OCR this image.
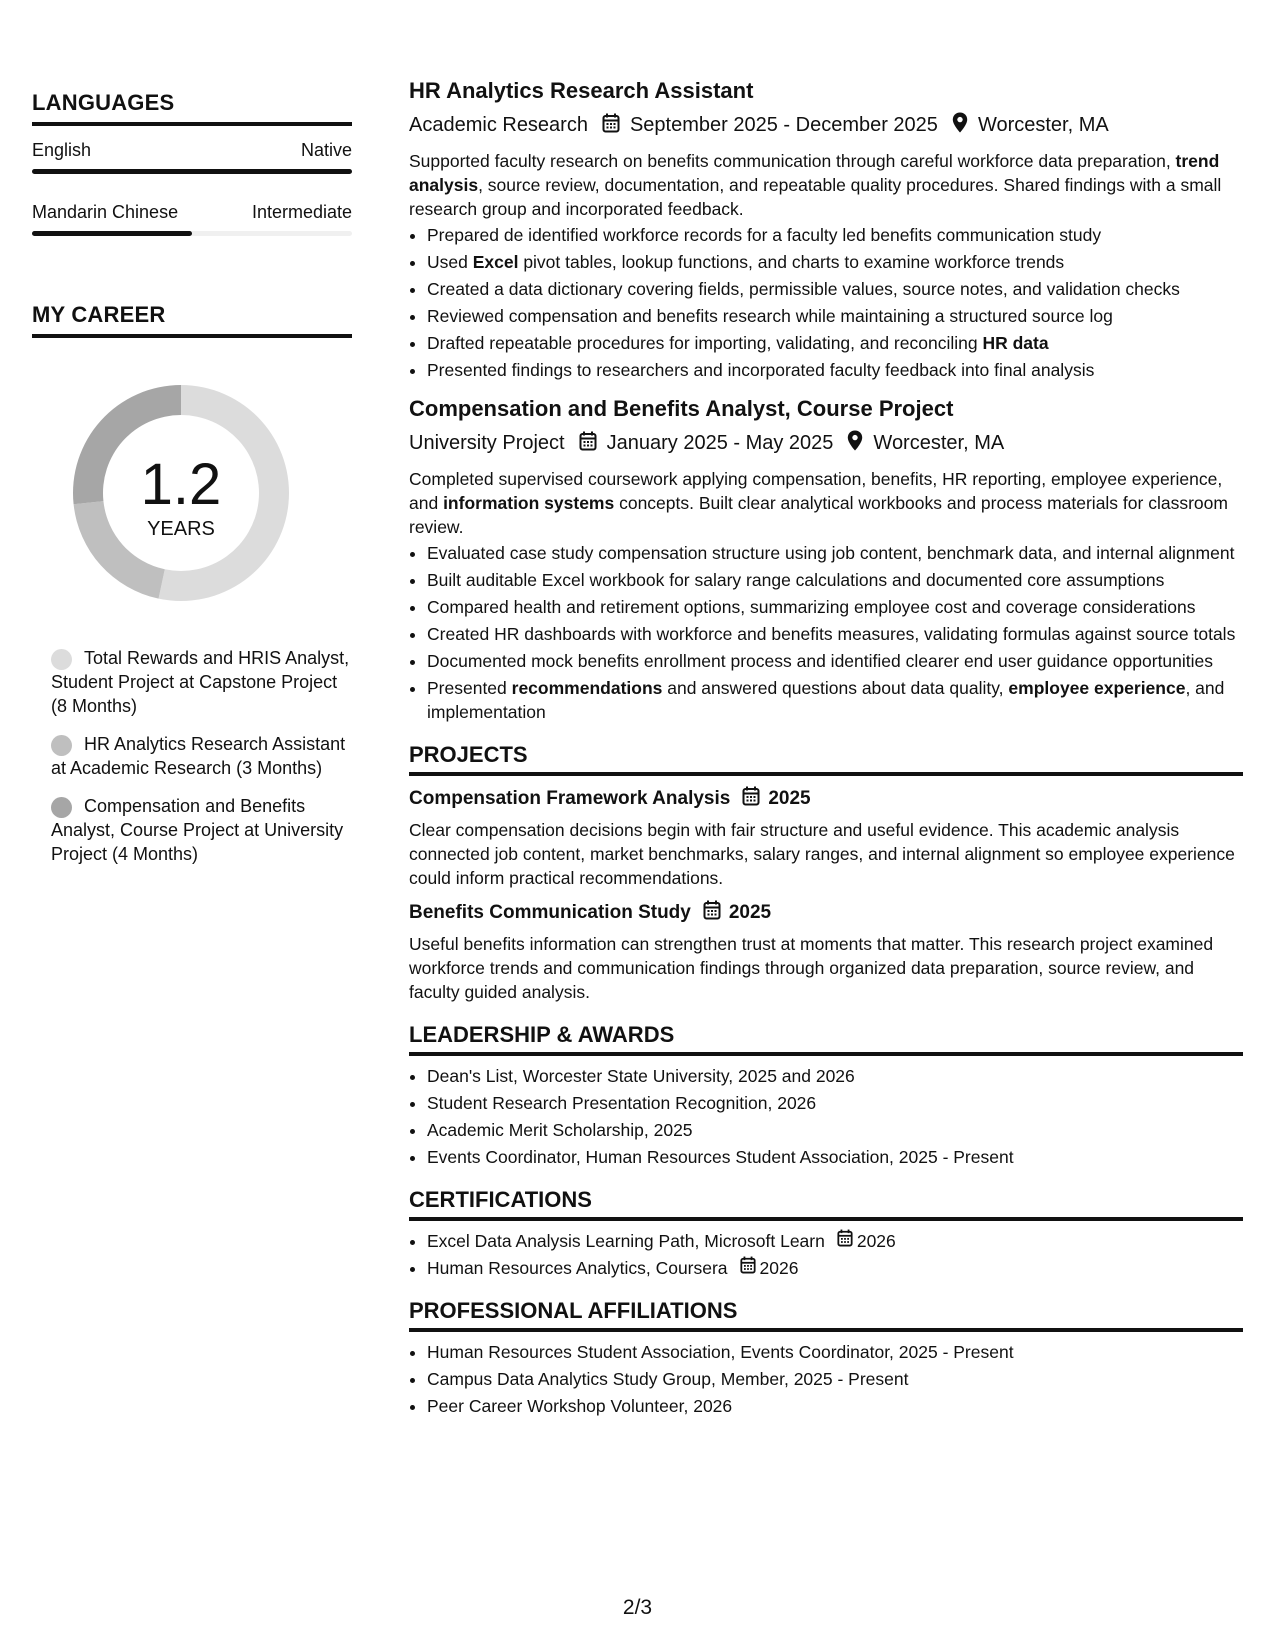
LANGUAGES
English	Native
Mandarin Chinese	Intermediate
MY CAREER
1.2
YEARS
Total Rewards and HRIS Analyst, Student Project at Capstone Project (8 Months)
HR Analytics Research Assistant at Academic Research (3 Months)
Compensation and Benefits Analyst, Course Project at University Project (4 Months)
HR Analytics Research Assistant
Academic Research September 2025 - December 2025 Worcester, MA
Supported faculty research on benefits communication through careful workforce data preparation, trend analysis, source review, documentation, and repeatable quality procedures. Shared findings with a small research group and incorporated feedback.
• Prepared de identified workforce records for a faculty led benefits communication study
• Used Excel pivot tables, lookup functions, and charts to examine workforce trends
• Created a data dictionary covering fields, permissible values, source notes, and validation checks
• Reviewed compensation and benefits research while maintaining a structured source log
• Drafted repeatable procedures for importing, validating, and reconciling HR data
• Presented findings to researchers and incorporated faculty feedback into final analysis
Compensation and Benefits Analyst, Course Project
University Project January 2025 - May 2025 Worcester, MA
Completed supervised coursework applying compensation, benefits, HR reporting, employee experience, and information systems concepts. Built clear analytical workbooks and process materials for classroom review.
• Evaluated case study compensation structure using job content, benchmark data, and internal alignment
• Built auditable Excel workbook for salary range calculations and documented core assumptions
• Compared health and retirement options, summarizing employee cost and coverage considerations
• Created HR dashboards with workforce and benefits measures, validating formulas against source totals
• Documented mock benefits enrollment process and identified clearer end user guidance opportunities
• Presented recommendations and answered questions about data quality, employee experience, and implementation
PROJECTS
Compensation Framework Analysis 2025
Clear compensation decisions begin with fair structure and useful evidence. This academic analysis connected job content, market benchmarks, salary ranges, and internal alignment so employee experience could inform practical recommendations.
Benefits Communication Study 2025
Useful benefits information can strengthen trust at moments that matter. This research project examined workforce trends and communication findings through organized data preparation, source review, and faculty guided analysis.
LEADERSHIP & AWARDS
• Dean's List, Worcester State University, 2025 and 2026
• Student Research Presentation Recognition, 2026
• Academic Merit Scholarship, 2025
• Events Coordinator, Human Resources Student Association, 2025 - Present
CERTIFICATIONS
• Excel Data Analysis Learning Path, Microsoft Learn 2026
• Human Resources Analytics, Coursera 2026
PROFESSIONAL AFFILIATIONS
• Human Resources Student Association, Events Coordinator, 2025 - Present
• Campus Data Analytics Study Group, Member, 2025 - Present
• Peer Career Workshop Volunteer, 2026
2/3
